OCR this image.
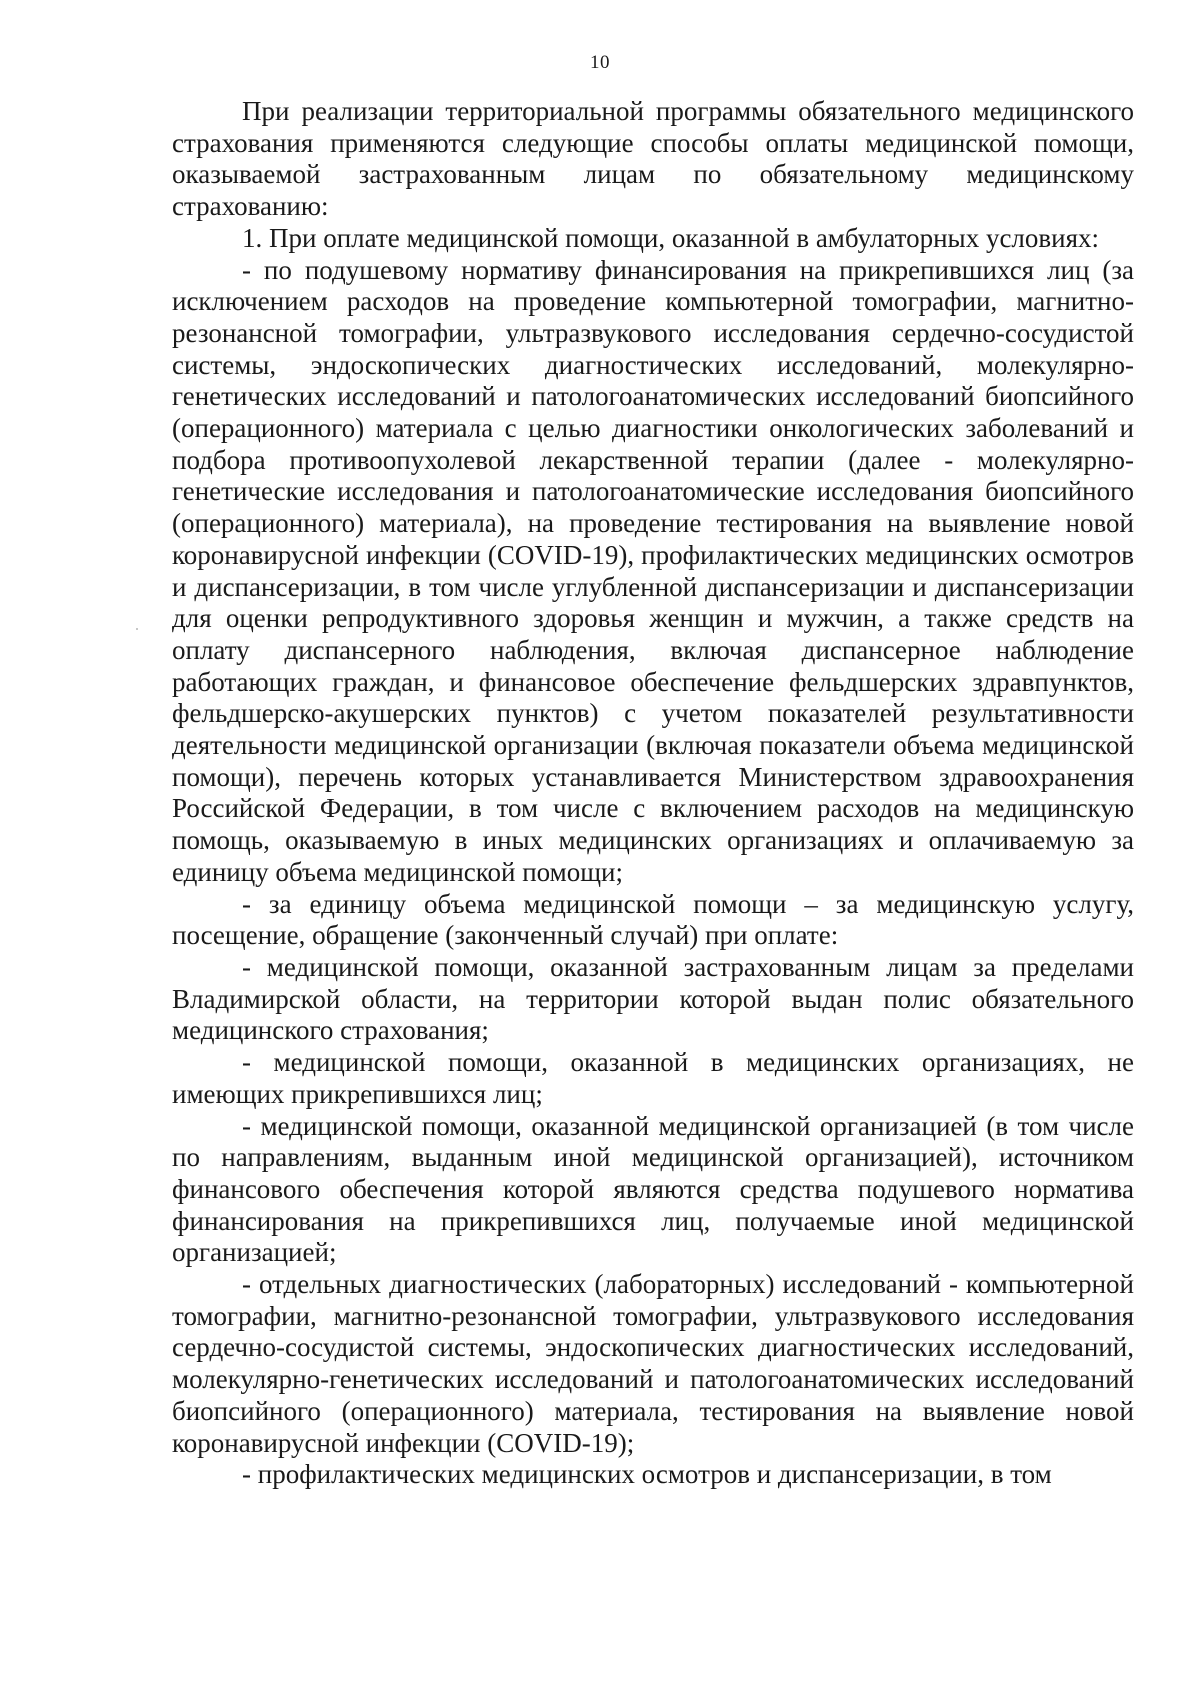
10

При реализации территориальной программы обязательного медицинского страхования применяются следующие способы оплаты медицинской помощи, оказываемой застрахованным лицам по обязательному медицинскому страхованию:

1. При оплате медицинской помощи, оказанной в амбулаторных условиях:

- по подушевому нормативу финансирования на прикрепившихся лиц (за исключением расходов на проведение компьютерной томографии, магнитно-резонансной томографии, ультразвукового исследования сердечно-сосудистой системы, эндоскопических диагностических исследований, молекулярно-генетических исследований и патологоанатомических исследований биопсийного (операционного) материала с целью диагностики онкологических заболеваний и подбора противоопухолевой лекарственной терапии (далее - молекулярно-генетические исследования и патологоанатомические исследования биопсийного (операционного) материала), на проведение тестирования на выявление новой коронавирусной инфекции (COVID-19), профилактических медицинских осмотров и диспансеризации, в том числе углубленной диспансеризации и диспансеризации для оценки репродуктивного здоровья женщин и мужчин, а также средств на оплату диспансерного наблюдения, включая диспансерное наблюдение работающих граждан, и финансовое обеспечение фельдшерских здравпунктов, фельдшерско-акушерских пунктов) с учетом показателей результативности деятельности медицинской организации (включая показатели объема медицинской помощи), перечень которых устанавливается Министерством здравоохранения Российской Федерации, в том числе с включением расходов на медицинскую помощь, оказываемую в иных медицинских организациях и оплачиваемую за единицу объема медицинской помощи;

- за единицу объема медицинской помощи – за медицинскую услугу, посещение, обращение (законченный случай) при оплате:

- медицинской помощи, оказанной застрахованным лицам за пределами Владимирской области, на территории которой выдан полис обязательного медицинского страхования;

- медицинской помощи, оказанной в медицинских организациях, не имеющих прикрепившихся лиц;

- медицинской помощи, оказанной медицинской организацией (в том числе по направлениям, выданным иной медицинской организацией), источником финансового обеспечения которой являются средства подушевого норматива финансирования на прикрепившихся лиц, получаемые иной медицинской организацией;

- отдельных диагностических (лабораторных) исследований - компьютерной томографии, магнитно-резонансной томографии, ультразвукового исследования сердечно-сосудистой системы, эндоскопических диагностических исследований, молекулярно-генетических исследований и патологоанатомических исследований биопсийного (операционного) материала, тестирования на выявление новой коронавирусной инфекции (COVID-19);

- профилактических медицинских осмотров и диспансеризации, в том
